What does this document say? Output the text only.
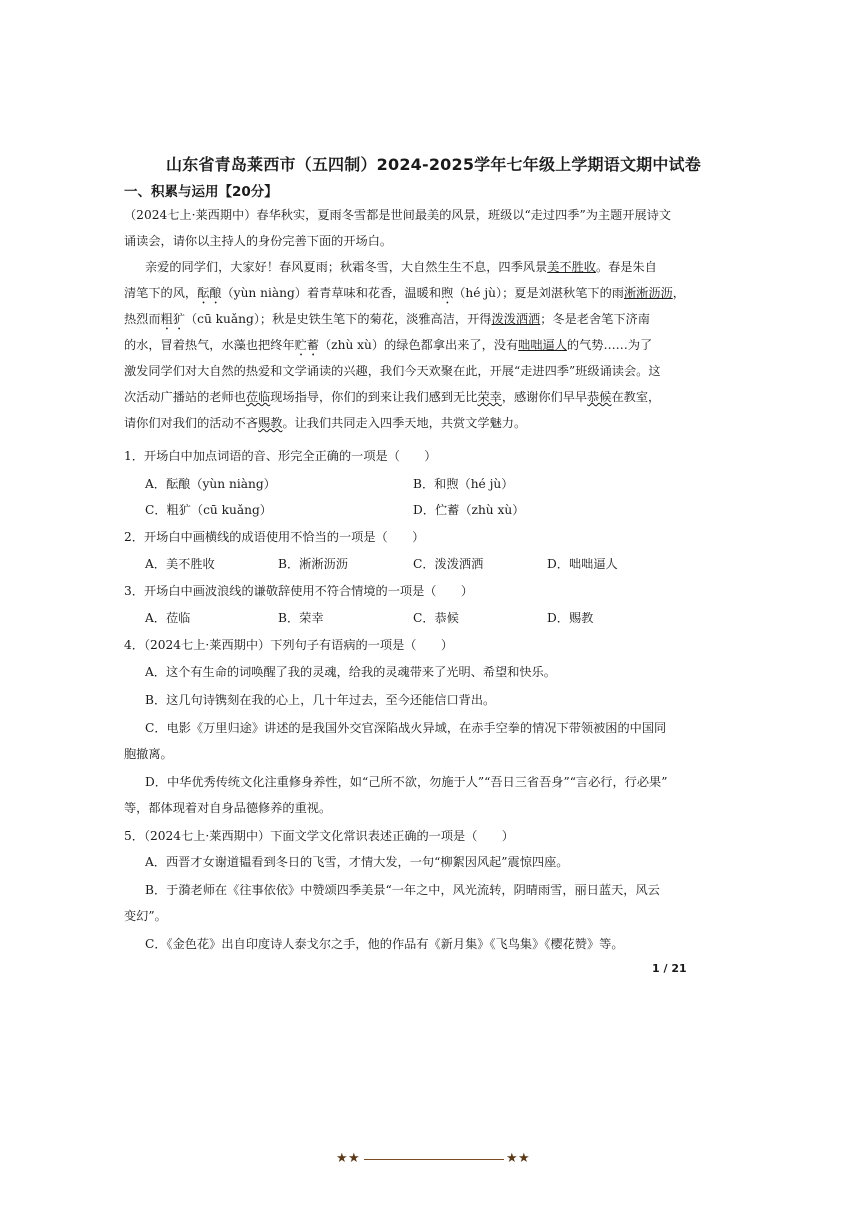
山东省青岛莱西市（五四制）2024-2025学年七年级上学期语文期中试卷
一、积累与运用【20分】
（2024七上·莱西期中）春华秋实，夏雨冬雪都是世间最美的风景，班级以“走过四季”为主题开展诗文
诵读会，请你以主持人的身份完善下面的开场白。
亲爱的同学们，大家好！春风夏雨；秋霜冬雪，大自然生生不息，四季风景美不胜收。春是朱自
清笔下的风，酝酿（yùn niàng）着青草味和花香，温暖和煦（hé jù）；夏是刘湛秋笔下的雨淅淅沥沥，
热烈而粗犷（cū kuǎng）；秋是史铁生笔下的菊花，淡雅高洁，开得泼泼洒洒；冬是老舍笔下济南
的水，冒着热气，水藻也把终年贮蓄（zhù xù）的绿色都拿出来了，没有咄咄逼人的气势……为了
激发同学们对大自然的热爱和文学诵读的兴趣，我们今天欢聚在此，开展“走进四季”班级诵读会。这
次活动广播站的老师也莅临现场指导，你们的到来让我们感到无比荣幸，感谢你们早早恭候在教室，
请你们对我们的活动不吝赐教。让我们共同走入四季天地，共赏文学魅力。
1．开场白中加点词语的音、形完全正确的一项是（　　）
A．酝酿（yùn niàng）	B．和煦（hé jù）
C．粗犷（cū kuǎng）	D．伫蓄（zhù xù）
2．开场白中画横线的成语使用不恰当的一项是（　　）
A．美不胜收	B．淅淅沥沥	C．泼泼洒洒	D．咄咄逼人
3．开场白中画波浪线的谦敬辞使用不符合情境的一项是（　　）
A．莅临	B．荣幸	C．恭候	D．赐教
4．（2024七上·莱西期中）下列句子有语病的一项是（　　）
A．这个有生命的词唤醒了我的灵魂，给我的灵魂带来了光明、希望和快乐。
B．这几句诗镌刻在我的心上，几十年过去，至今还能信口背出。
C．电影《万里归途》讲述的是我国外交官深陷战火异域，在赤手空拳的情况下带领被困的中国同
胞撤离。
D．中华优秀传统文化注重修身养性，如“己所不欲，勿施于人”“吾日三省吾身”“言必行，行必果”
等，都体现着对自身品德修养的重视。
5．（2024七上·莱西期中）下面文学文化常识表述正确的一项是（　　）
A．西晋才女谢道韫看到冬日的飞雪，才情大发，一句“柳絮因风起”震惊四座。
B．于漪老师在《往事依依》中赞颂四季美景“一年之中，风光流转，阴晴雨雪，丽日蓝天，风云
变幻”。
C．《金色花》出自印度诗人泰戈尔之手，他的作品有《新月集》《飞鸟集》《樱花赞》等。
1 / 21
★ ★	★ ★
